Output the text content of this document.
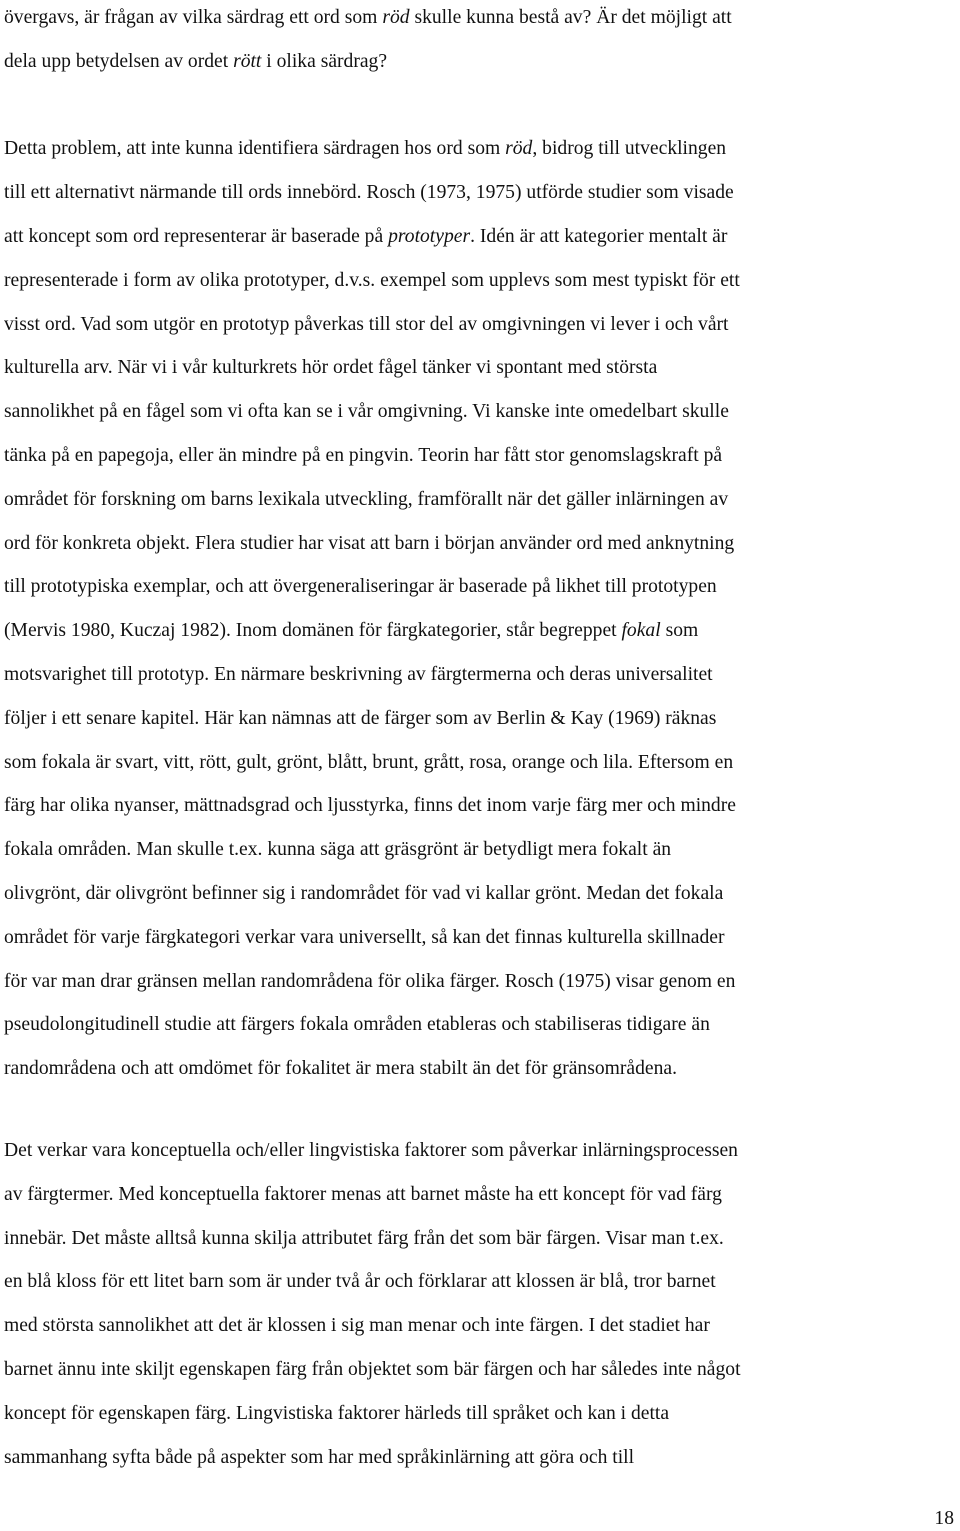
övergavs, är frågan av vilka särdrag ett ord som röd skulle kunna bestå av? Är det möjligt att
dela upp betydelsen av ordet rött i olika särdrag?
Detta problem, att inte kunna identifiera särdragen hos ord som röd, bidrog till utvecklingen
till ett alternativt närmande till ords innebörd. Rosch (1973, 1975) utförde studier som visade
att koncept som ord representerar är baserade på prototyper. Idén är att kategorier mentalt är
representerade i form av olika prototyper, d.v.s. exempel som upplevs som mest typiskt för ett
visst ord. Vad som utgör en prototyp påverkas till stor del av omgivningen vi lever i och vårt
kulturella arv. När vi i vår kulturkrets hör ordet fågel tänker vi spontant med största
sannolikhet på en fågel som vi ofta kan se i vår omgivning. Vi kanske inte omedelbart skulle
tänka på en papegoja, eller än mindre på en pingvin. Teorin har fått stor genomslagskraft på
området för forskning om barns lexikala utveckling, framförallt när det gäller inlärningen av
ord för konkreta objekt. Flera studier har visat att barn i början använder ord med anknytning
till prototypiska exemplar, och att övergeneraliseringar är baserade på likhet till prototypen
(Mervis 1980, Kuczaj 1982). Inom domänen för färgkategorier, står begreppet fokal som
motsvarighet till prototyp. En närmare beskrivning av färgtermerna och deras universalitet
följer i ett senare kapitel. Här kan nämnas att de färger som av Berlin & Kay (1969) räknas
som fokala är svart, vitt, rött, gult, grönt, blått, brunt, grått, rosa, orange och lila. Eftersom en
färg har olika nyanser, mättnadsgrad och ljusstyrka, finns det inom varje färg mer och mindre
fokala områden. Man skulle t.ex. kunna säga att gräsgrönt är betydligt mera fokalt än
olivgrönt, där olivgrönt befinner sig i randområdet för vad vi kallar grönt. Medan det fokala
området för varje färgkategori verkar vara universellt, så kan det finnas kulturella skillnader
för var man drar gränsen mellan randområdena för olika färger. Rosch (1975) visar genom en
pseudolongitudinell studie att färgers fokala områden etableras och stabiliseras tidigare än
randområdena och att omdömet för fokalitet är mera stabilt än det för gränsområdena.
Det verkar vara konceptuella och/eller lingvistiska faktorer som påverkar inlärningsprocessen
av färgtermer. Med konceptuella faktorer menas att barnet måste ha ett koncept för vad färg
innebär. Det måste alltså kunna skilja attributet färg från det som bär färgen. Visar man t.ex.
en blå kloss för ett litet barn som är under två år och förklarar att klossen är blå, tror barnet
med största sannolikhet att det är klossen i sig man menar och inte färgen. I det stadiet har
barnet ännu inte skiljt egenskapen färg från objektet som bär färgen och har således inte något
koncept för egenskapen färg. Lingvistiska faktorer härleds till språket och kan i detta
sammanhang syfta både på aspekter som har med språkinlärning att göra och till
18
